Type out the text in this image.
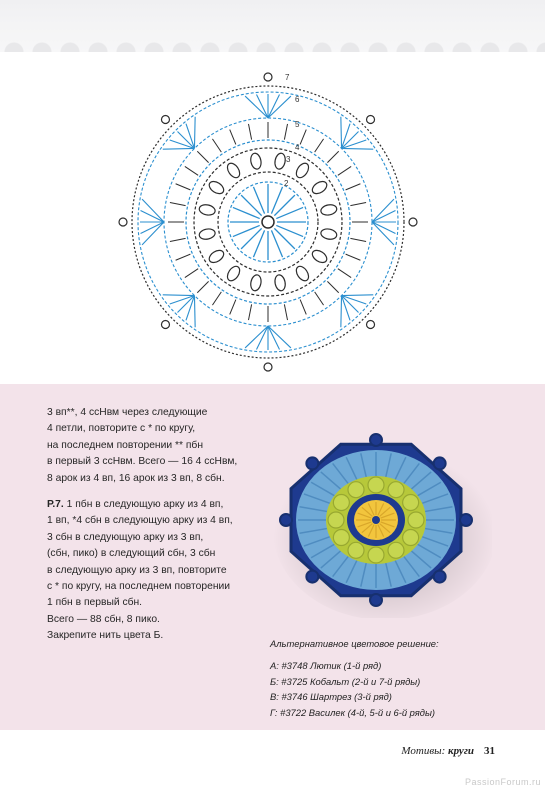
2
3
4
5
6
7

3 вп**, 4 ссНвм через следующие

4 петли, повторите с * по кругу,

на последнем повторении ** пбн

в первый 3 ссНвм. Всего — 16 4 ссНвм,

8 арок из 4 вп, 16 арок из 3 вп, 8 сбн.

Р.7. 1 пбн в следующую арку из 4 вп,

1 вп, *4 сбн в следующую арку из 4 вп,

3 сбн в следующую арку из 3 вп,

(сбн, пико) в следующий сбн, 3 сбн

в следующую арку из 3 вп, повторите

с * по кругу, на последнем повторении

1 пбн в первый сбн.

Всего — 88 сбн, 8 пико.

Закрепите нить цвета Б.

Альтернативное цветовое решение:
А: #3748 Лютик (1-й ряд)
Б: #3725 Кобальт (2-й и 7-й ряды)
В: #3746 Шартрез (3-й ряд)
Г: #3722 Василек (4-й, 5-й и 6-й ряды)
Мотивы: круги 31
PassionForum.ru
